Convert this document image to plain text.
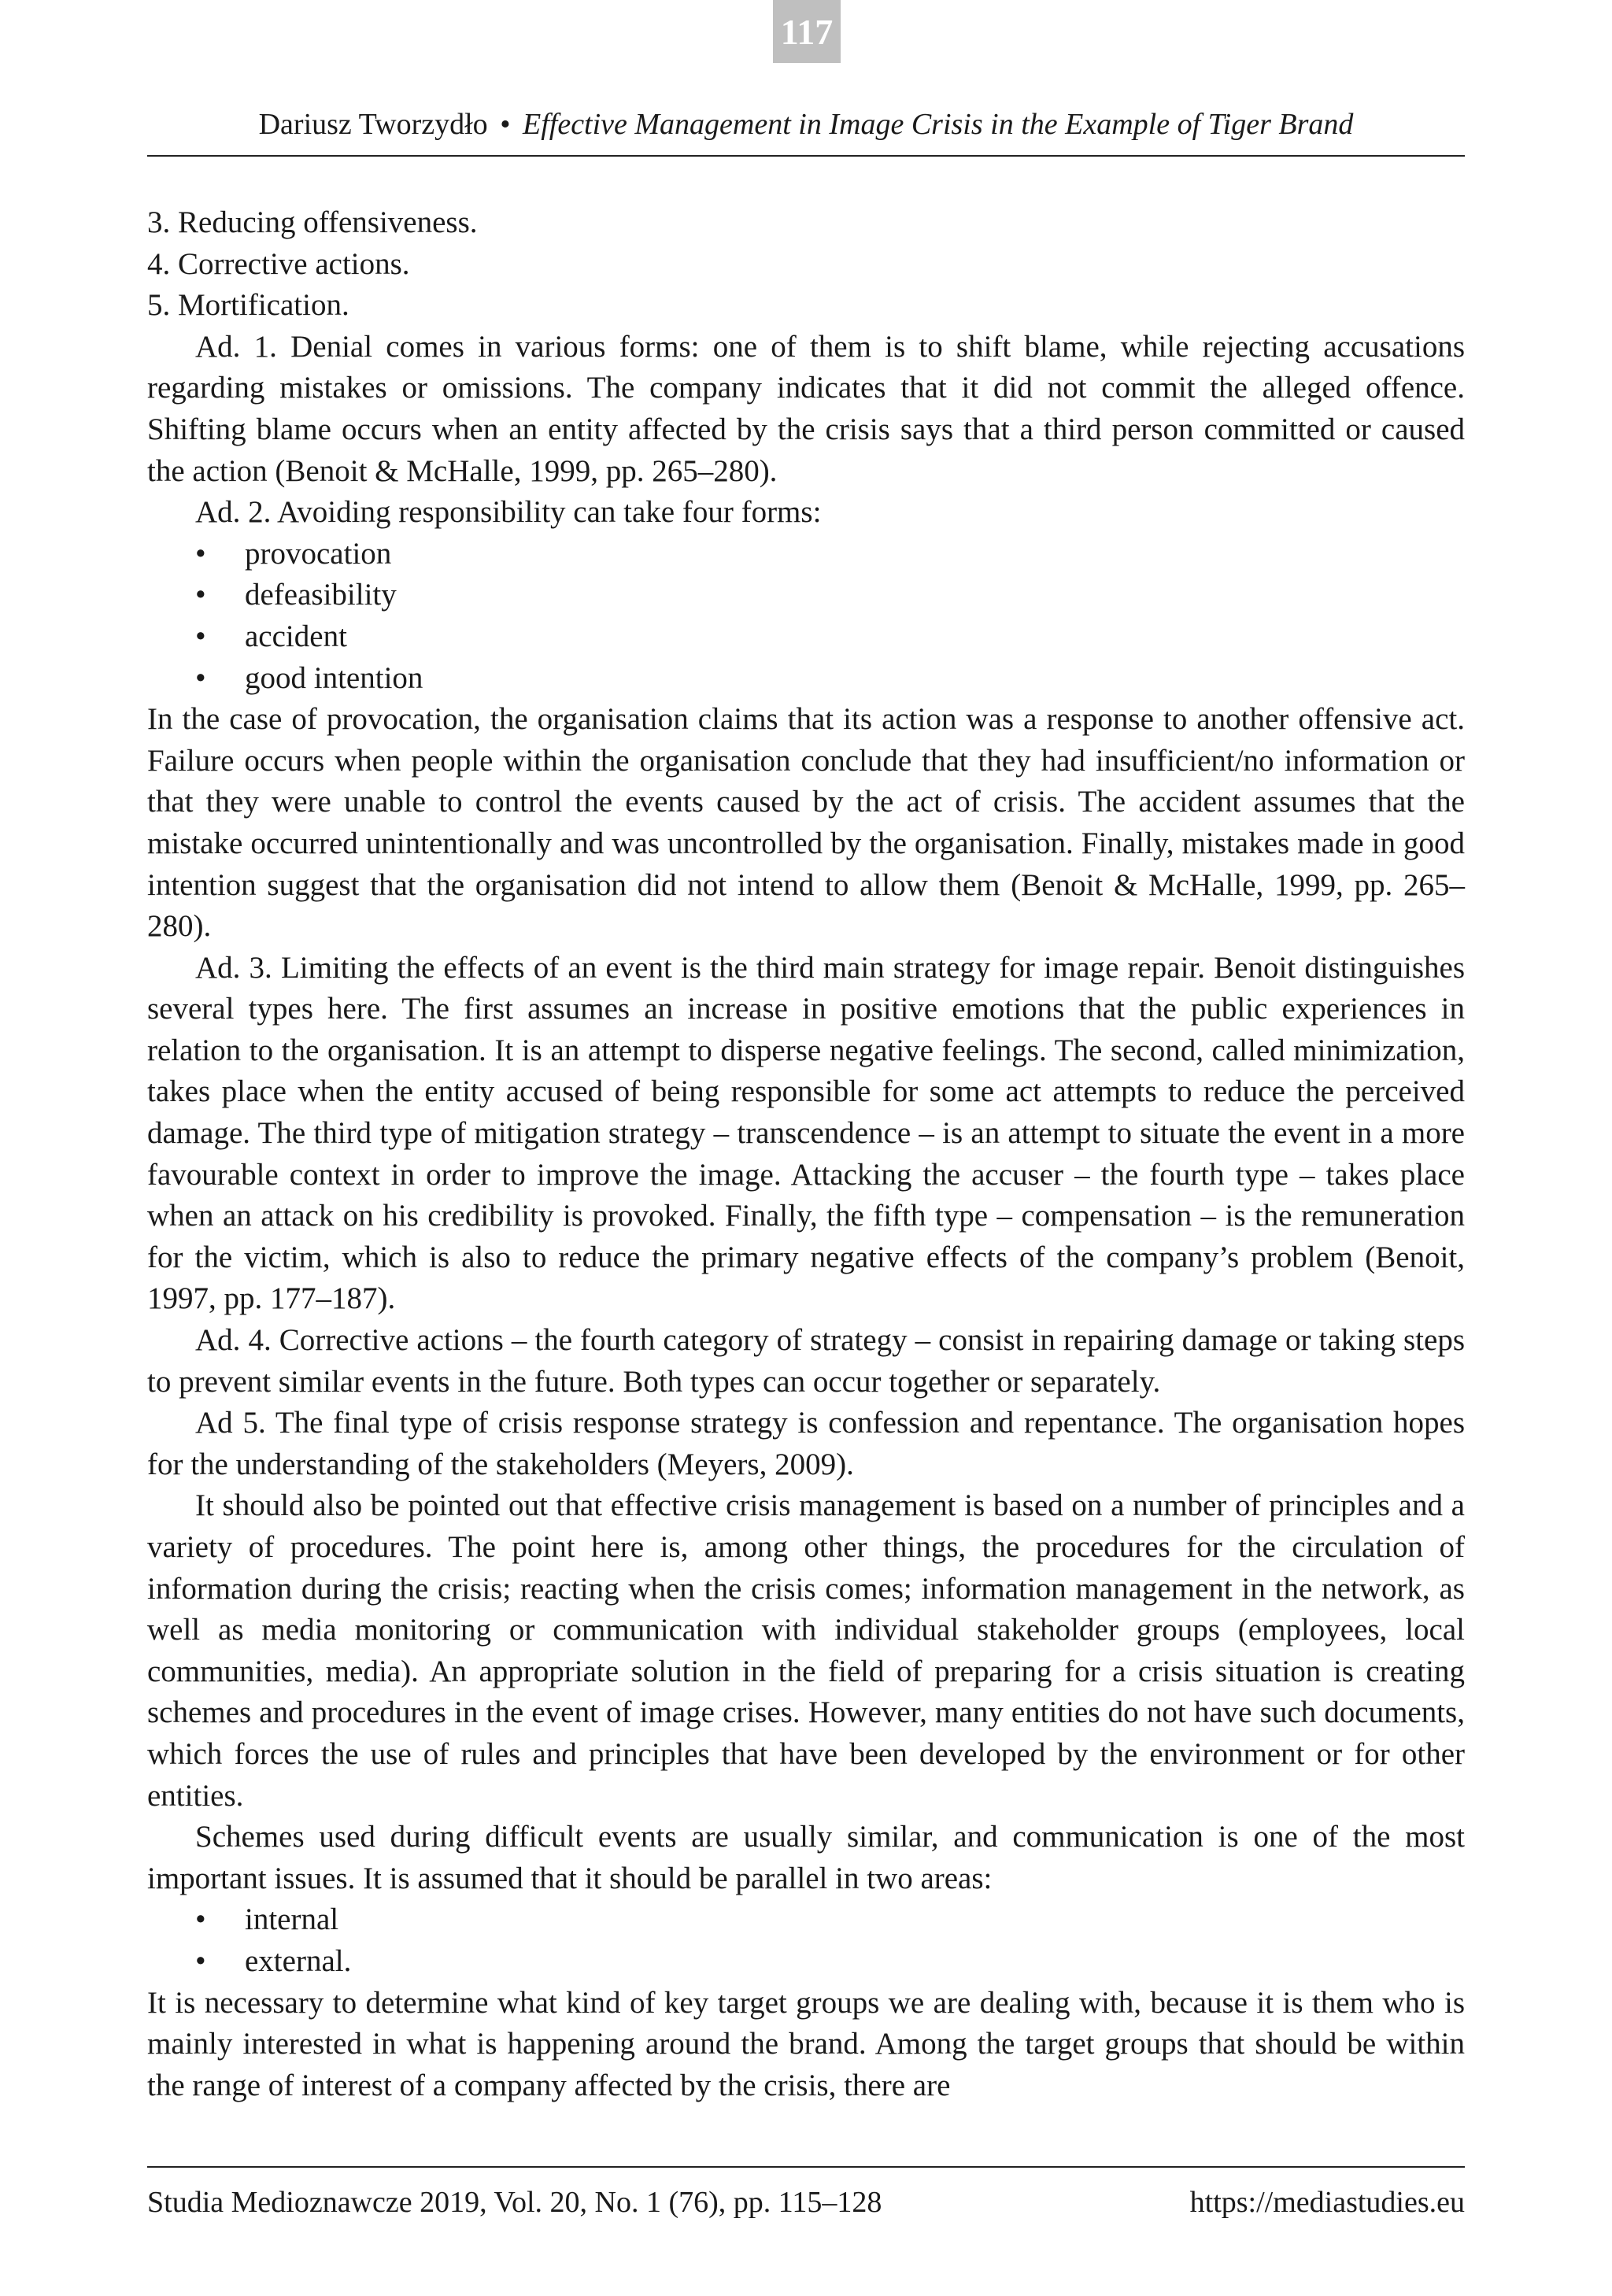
117
Dariusz Tworzydło • Effective Management in Image Crisis in the Example of Tiger Brand

3. Reducing offensiveness.

4. Corrective actions.

5. Mortification.

Ad. 1. Denial comes in various forms: one of them is to shift blame, while rejecting accusations regarding mistakes or omissions. The company indicates that it did not commit the alleged offence. Shifting blame occurs when an entity affected by the crisis says that a third person committed or caused the action (Benoit & McHalle, 1999, pp. 265–280).

Ad. 2. Avoiding responsibility can take four forms:

• provocation
• defeasibility
• accident
• good intention

In the case of provocation, the organisation claims that its action was a response to another offensive act. Failure occurs when people within the organisation conclude that they had insufficient/no information or that they were unable to control the events caused by the act of crisis. The accident assumes that the mistake occurred unintentionally and was uncontrolled by the organisation. Finally, mistakes made in good intention suggest that the organisation did not intend to allow them (Benoit & McHalle, 1999, pp. 265–280).

Ad. 3. Limiting the effects of an event is the third main strategy for image repair. Benoit distinguishes several types here. The first assumes an increase in positive emotions that the public experiences in relation to the organisation. It is an attempt to disperse negative feelings. The second, called minimization, takes place when the entity accused of being responsible for some act attempts to reduce the perceived damage. The third type of mitigation strategy – transcendence – is an attempt to situate the event in a more favourable context in order to improve the image. Attacking the accuser – the fourth type – takes place when an attack on his credibility is provoked. Finally, the fifth type – compensation – is the remuneration for the victim, which is also to reduce the primary negative effects of the company’s problem (Benoit, 1997, pp. 177–187).

Ad. 4. Corrective actions – the fourth category of strategy – consist in repairing damage or taking steps to prevent similar events in the future. Both types can occur together or separately.

Ad 5. The final type of crisis response strategy is confession and repentance. The organisation hopes for the understanding of the stakeholders (Meyers, 2009).

It should also be pointed out that effective crisis management is based on a number of principles and a variety of procedures. The point here is, among other things, the procedures for the circulation of information during the crisis; reacting when the crisis comes; information management in the network, as well as media monitoring or communication with individual stakeholder groups (employees, local communities, media). An appropriate solution in the field of preparing for a crisis situation is creating schemes and procedures in the event of image crises. However, many entities do not have such documents, which forces the use of rules and principles that have been developed by the environment or for other entities.

Schemes used during difficult events are usually similar, and communication is one of the most important issues. It is assumed that it should be parallel in two areas:

• internal
• external.

It is necessary to determine what kind of key target groups we are dealing with, because it is them who is mainly interested in what is happening around the brand. Among the target groups that should be within the range of interest of a company affected by the crisis, there are

Studia Medioznawcze 2019, Vol. 20, No. 1 (76), pp. 115–128	https://mediastudies.eu
